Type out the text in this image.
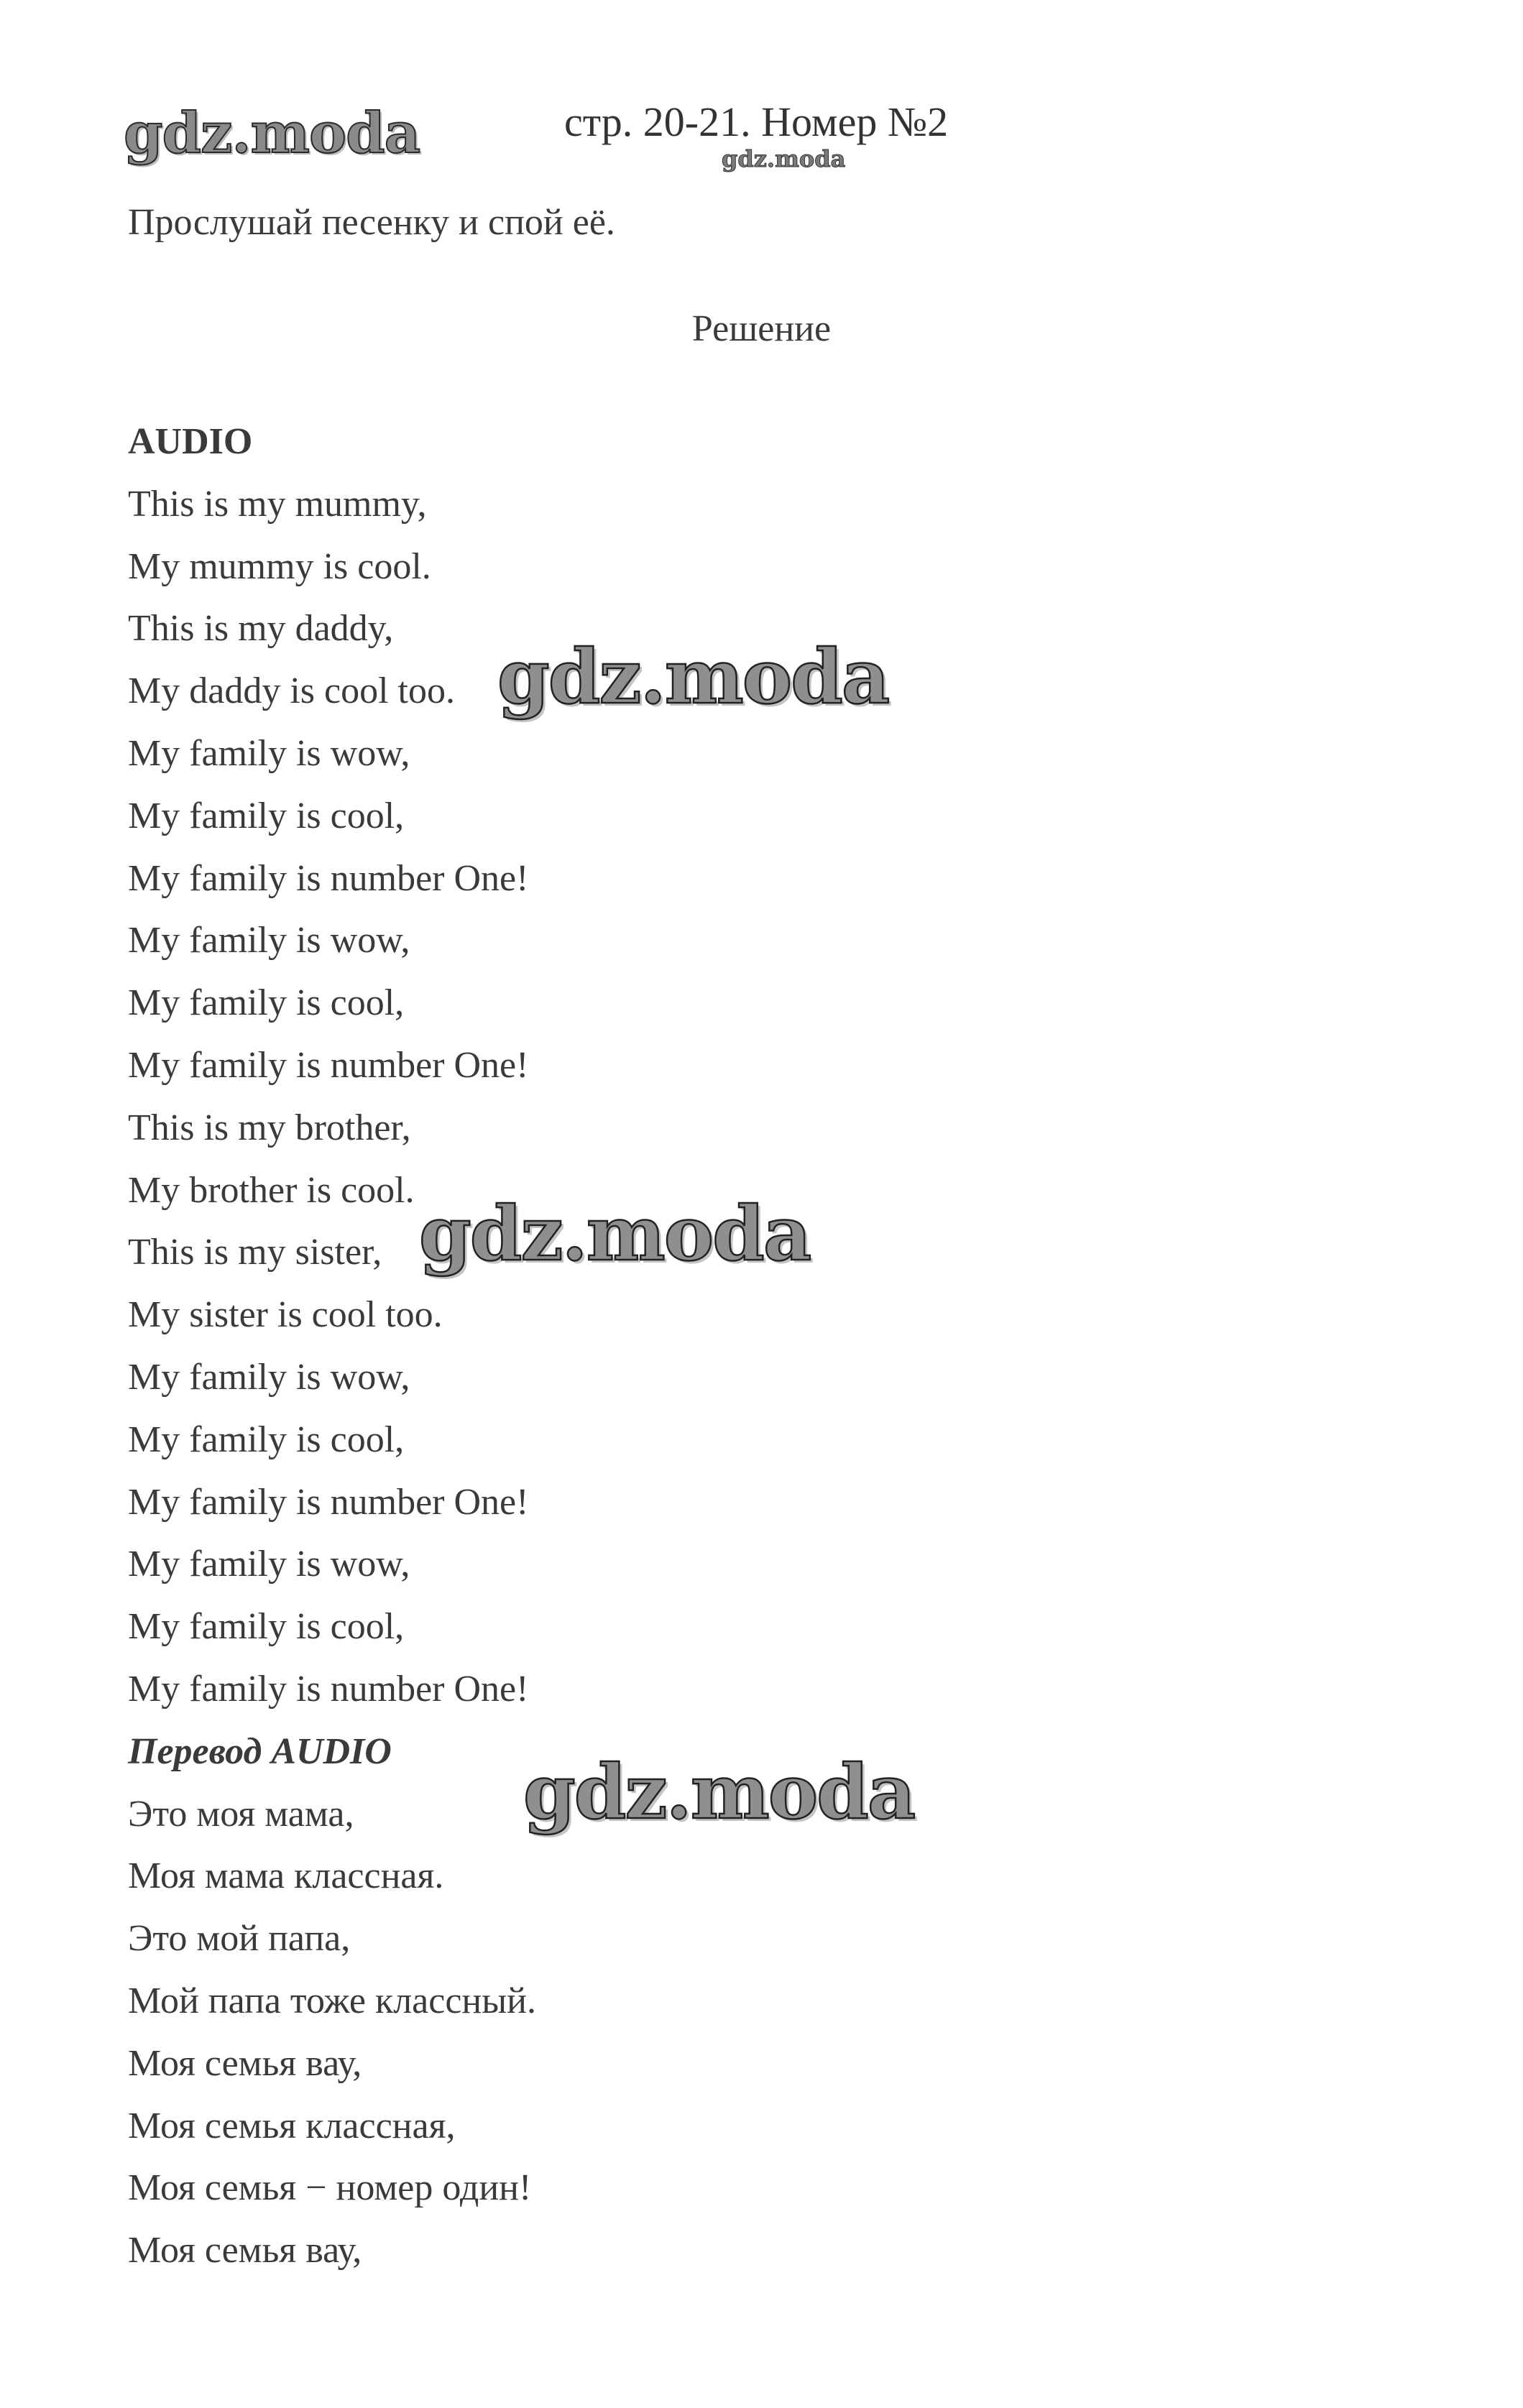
gdz.moda	стр. 20-21. Номер №2
gdz.moda
Прослушай песенку и спой её.
Решение
AUDIO
This is my mummy,
My mummy is cool.
This is my daddy,
My daddy is cool too.
My family is wow,
My family is cool,
My family is number One!
My family is wow,
My family is cool,
My family is number One!
This is my brother,
My brother is cool.
This is my sister,
My sister is cool too.
My family is wow,
My family is cool,
My family is number One!
My family is wow,
My family is cool,
My family is number One!
Перевод AUDIO
Это моя мама,
Моя мама классная.
Это мой папа,
Мой папа тоже классный.
Моя семья вау,
Моя семья классная,
Моя семья − номер один!
Моя семья вау,
gdz.moda
gdz.moda
gdz.moda
